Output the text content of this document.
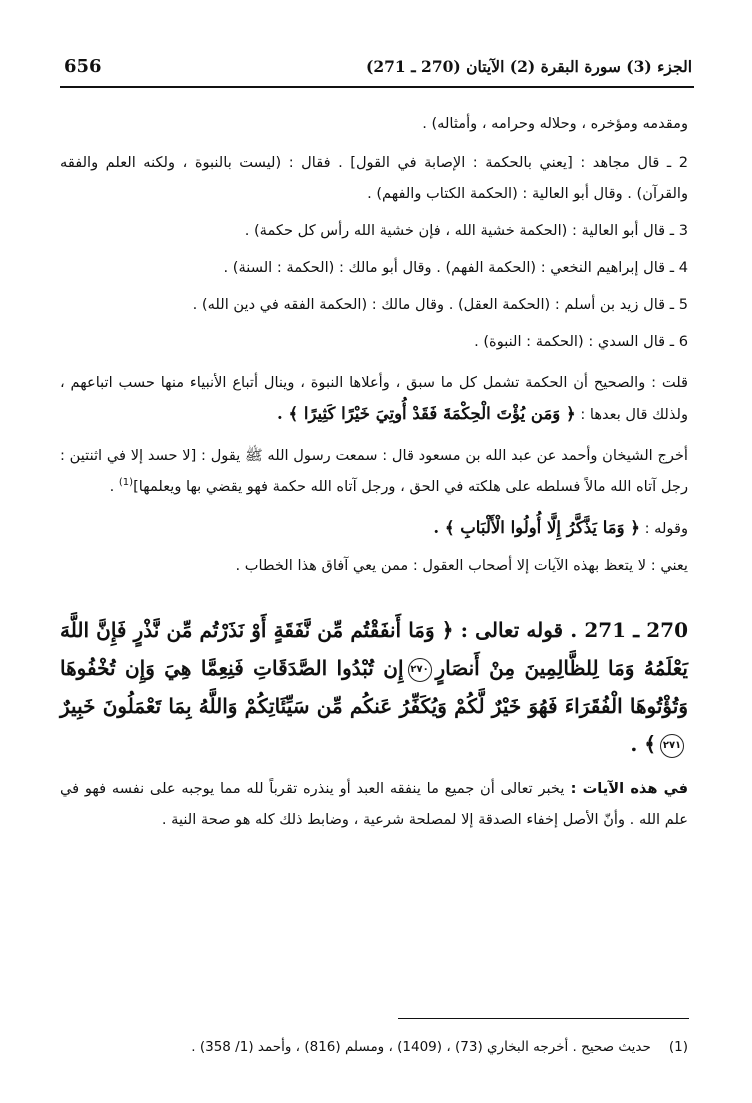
الجزء (3) سورة البقرة (2) الآيتان (270 ـ 271)
656

ومقدمه ومؤخره ، وحلاله وحرامه ، وأمثاله) .

2 ـ قال مجاهد : [يعني بالحكمة : الإصابة في القول] . فقال : (ليست بالنبوة ، ولكنه العلم والفقه والقرآن) . وقال أبو العالية : (الحكمة الكتاب والفهم) .

3 ـ قال أبو العالية : (الحكمة خشية الله ، فإن خشية الله رأس كل حكمة) .

4 ـ قال إبراهيم النخعي : (الحكمة الفهم) . وقال أبو مالك : (الحكمة : السنة) .

5 ـ قال زيد بن أسلم : (الحكمة العقل) . وقال مالك : (الحكمة الفقه في دين الله) .

6 ـ قال السدي : (الحكمة : النبوة) .

قلت : والصحيح أن الحكمة تشمل كل ما سبق ، وأعلاها النبوة ، وينال أتباع الأنبياء منها حسب اتباعهم ، ولذلك قال بعدها : ﴿ وَمَن يُؤْتَ الْحِكْمَةَ فَقَدْ أُوتِيَ خَيْرًا كَثِيرًا ﴾ .

أخرج الشيخان وأحمد عن عبد الله بن مسعود قال : سمعت رسول الله ﷺ يقول : [لا حسد إلا في اثنتين : رجل آتاه الله مالاً فسلطه على هلكته في الحق ، ورجل آتاه الله حكمة فهو يقضي بها ويعلمها]$^{(1)}$ .

وقوله : ﴿ وَمَا يَذَّكَّرُ إِلَّا أُولُوا الْأَلْبَابِ ﴾ .

يعني : لا يتعظ بهذه الآيات إلا أصحاب العقول : ممن يعي آفاق هذا الخطاب .

270 ـ 271 . قوله تعالى : ﴿ وَمَا أَنفَقْتُم مِّن نَّفَقَةٍ أَوْ نَذَرْتُم مِّن نَّذْرٍ فَإِنَّ اللَّهَ يَعْلَمُهُ وَمَا لِلظَّالِمِينَ مِنْ أَنصَارٍ٢٧٠إِن تُبْدُوا الصَّدَقَاتِ فَنِعِمَّا هِيَ وَإِن تُخْفُوهَا وَتُؤْتُوهَا الْفُقَرَاءَ فَهُوَ خَيْرٌ لَّكُمْ وَيُكَفِّرُ عَنكُم مِّن سَيِّئَاتِكُمْ وَاللَّهُ بِمَا تَعْمَلُونَ خَبِيرٌ٢٧١﴾ .

في هذه الآيات : يخبر تعالى أن جميع ما ينفقه العبد أو ينذره تقرباً لله مما يوجبه على نفسه فهو في علم الله . وأنّ الأصل إخفاء الصدقة إلا لمصلحة شرعية ، وضابط ذلك كله هو صحة النية .

(1)حديث صحيح . أخرجه البخاري (73) ، (1409) ، ومسلم (816) ، وأحمد (1/ 358) .
